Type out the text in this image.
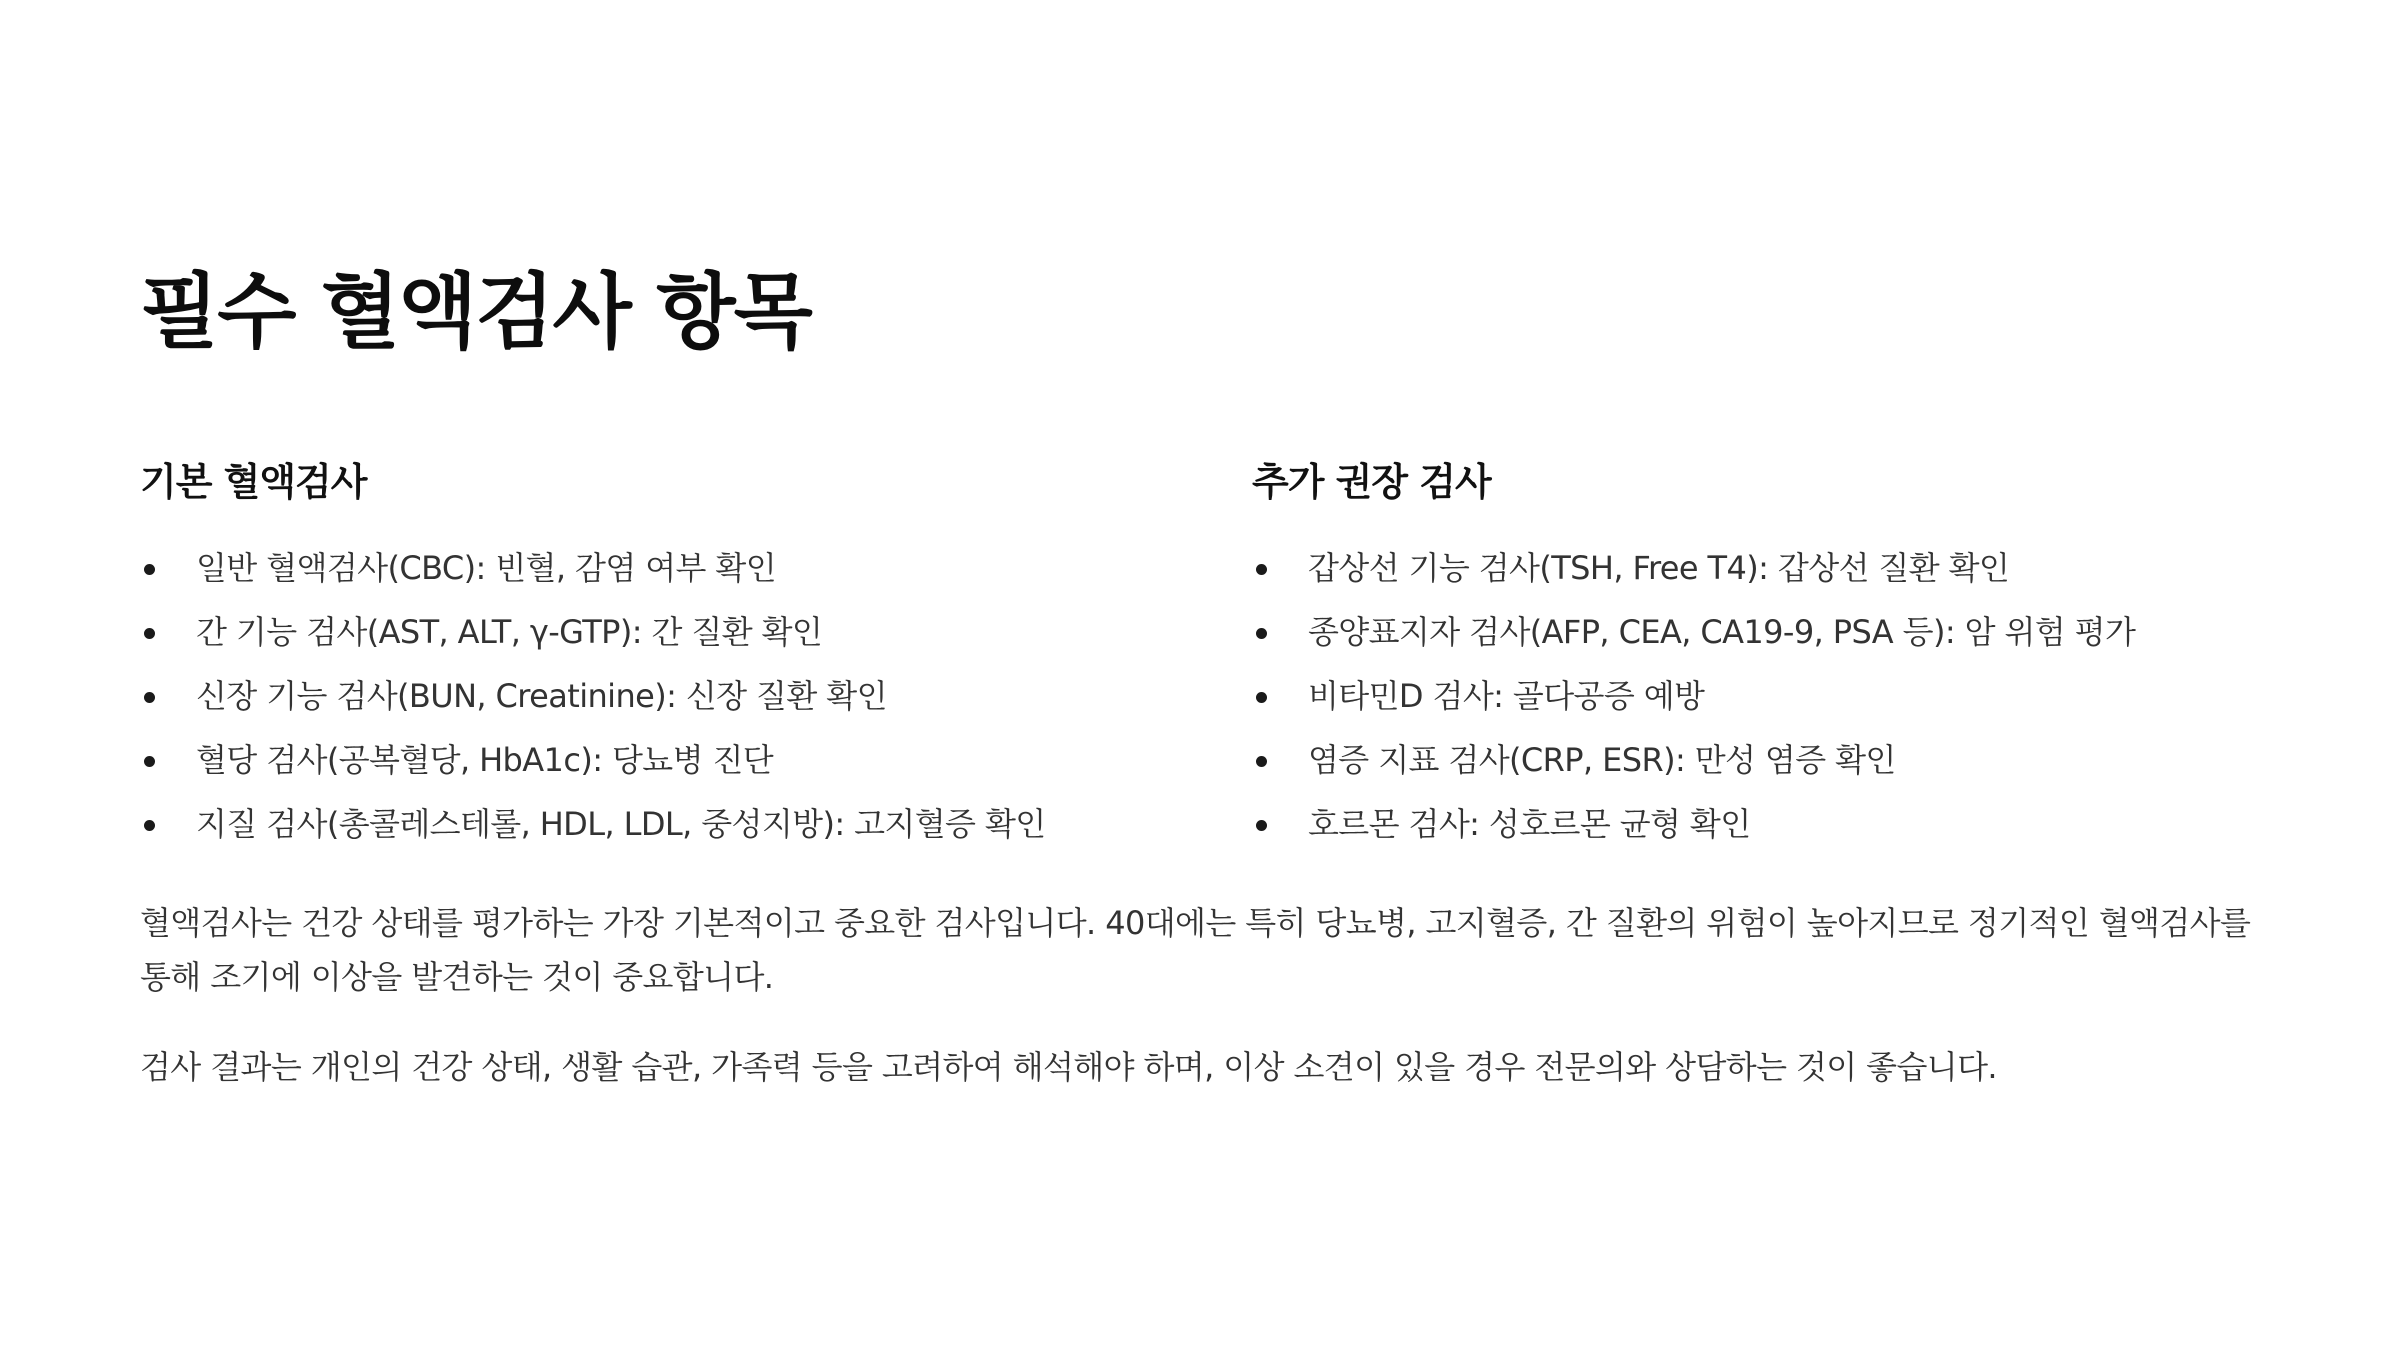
필수 혈액검사 항목
기본 혈액검사
일반 혈액검사(CBC): 빈혈, 감염 여부 확인
간 기능 검사(AST, ALT, γ-GTP): 간 질환 확인
신장 기능 검사(BUN, Creatinine): 신장 질환 확인
혈당 검사(공복혈당, HbA1c): 당뇨병 진단
지질 검사(총콜레스테롤, HDL, LDL, 중성지방): 고지혈증 확인
추가 권장 검사
갑상선 기능 검사(TSH, Free T4): 갑상선 질환 확인
종양표지자 검사(AFP, CEA, CA19-9, PSA 등): 암 위험 평가
비타민D 검사: 골다공증 예방
염증 지표 검사(CRP, ESR): 만성 염증 확인
호르몬 검사: 성호르몬 균형 확인

혈액검사는 건강 상태를 평가하는 가장 기본적이고 중요한 검사입니다. 40대에는 특히 당뇨병, 고지혈증, 간 질환의 위험이 높아지므로 정기적인 혈액검사를 통해 조기에 이상을 발견하는 것이 중요합니다.

검사 결과는 개인의 건강 상태, 생활 습관, 가족력 등을 고려하여 해석해야 하며, 이상 소견이 있을 경우 전문의와 상담하는 것이 좋습니다.
